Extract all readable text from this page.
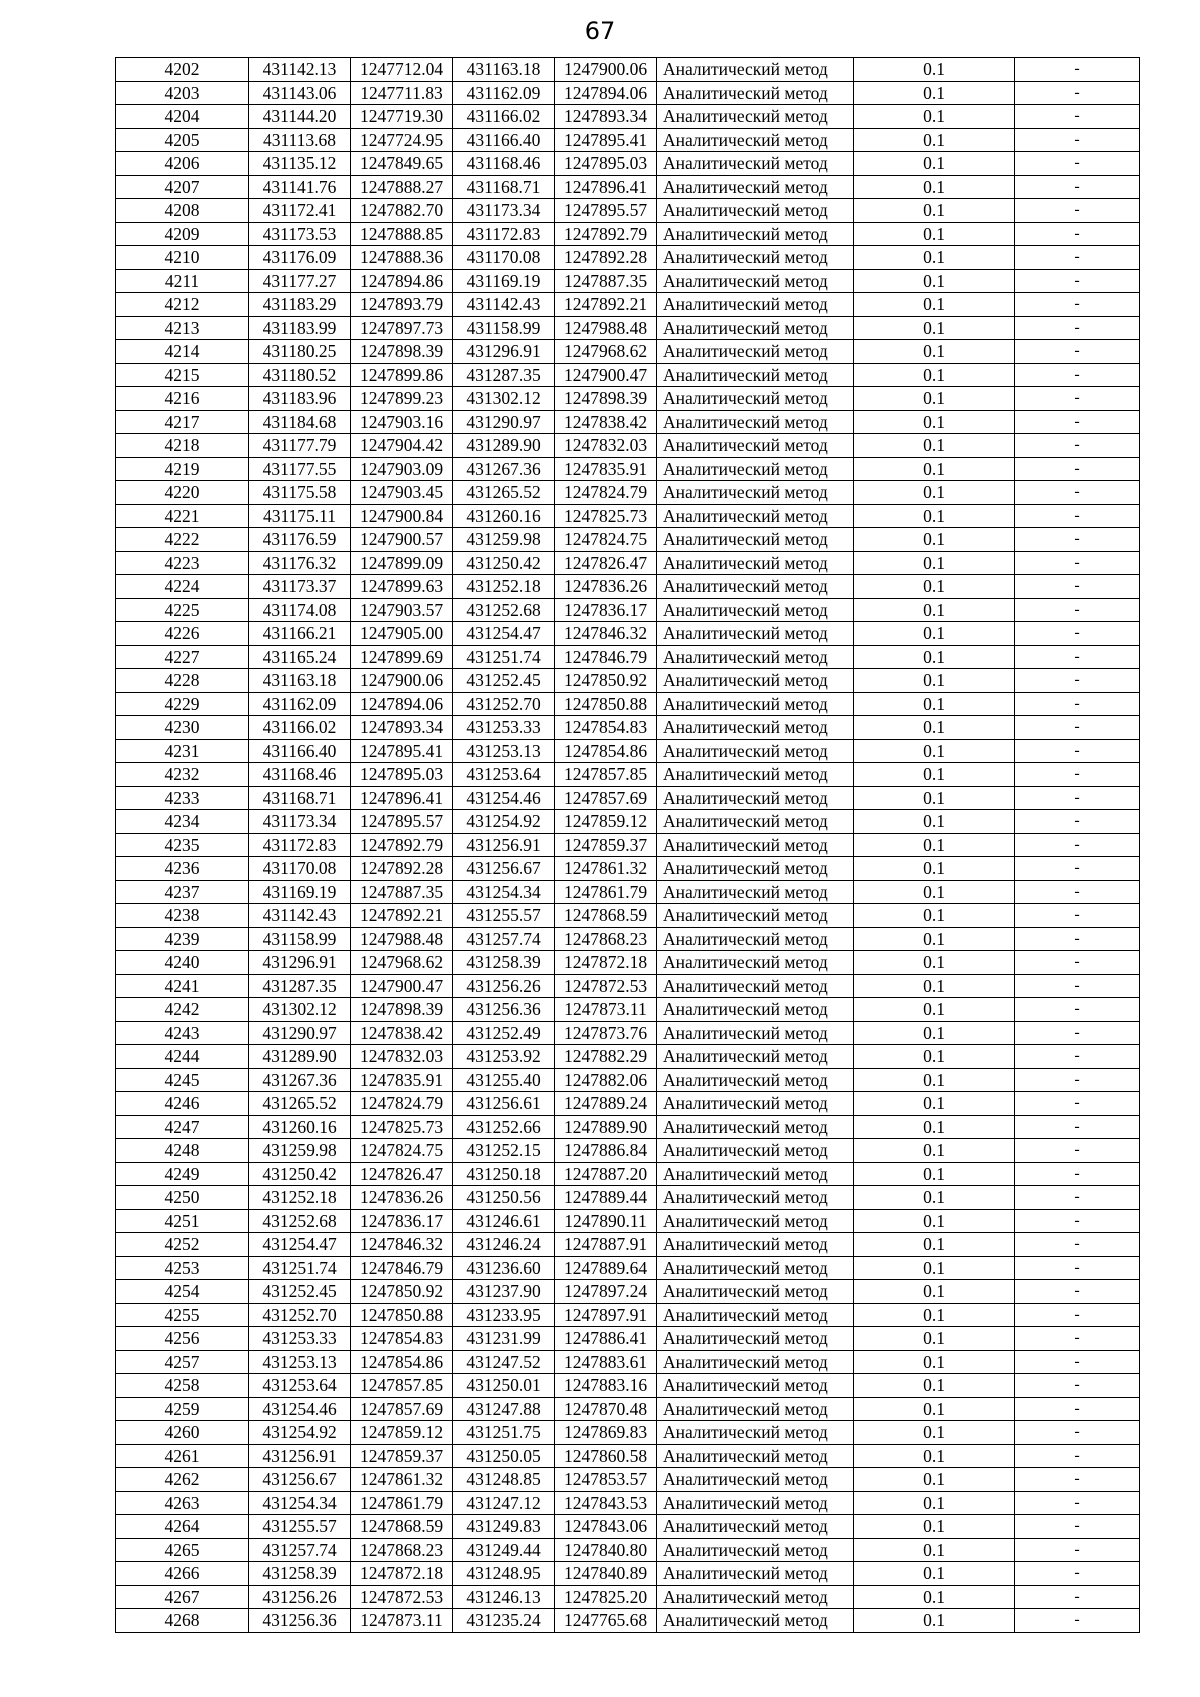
67
4202	431142.13	1247712.04	431163.18	1247900.06	Аналитический метод	0.1	-
4203	431143.06	1247711.83	431162.09	1247894.06	Аналитический метод	0.1	-
4204	431144.20	1247719.30	431166.02	1247893.34	Аналитический метод	0.1	-
4205	431113.68	1247724.95	431166.40	1247895.41	Аналитический метод	0.1	-
4206	431135.12	1247849.65	431168.46	1247895.03	Аналитический метод	0.1	-
4207	431141.76	1247888.27	431168.71	1247896.41	Аналитический метод	0.1	-
4208	431172.41	1247882.70	431173.34	1247895.57	Аналитический метод	0.1	-
4209	431173.53	1247888.85	431172.83	1247892.79	Аналитический метод	0.1	-
4210	431176.09	1247888.36	431170.08	1247892.28	Аналитический метод	0.1	-
4211	431177.27	1247894.86	431169.19	1247887.35	Аналитический метод	0.1	-
4212	431183.29	1247893.79	431142.43	1247892.21	Аналитический метод	0.1	-
4213	431183.99	1247897.73	431158.99	1247988.48	Аналитический метод	0.1	-
4214	431180.25	1247898.39	431296.91	1247968.62	Аналитический метод	0.1	-
4215	431180.52	1247899.86	431287.35	1247900.47	Аналитический метод	0.1	-
4216	431183.96	1247899.23	431302.12	1247898.39	Аналитический метод	0.1	-
4217	431184.68	1247903.16	431290.97	1247838.42	Аналитический метод	0.1	-
4218	431177.79	1247904.42	431289.90	1247832.03	Аналитический метод	0.1	-
4219	431177.55	1247903.09	431267.36	1247835.91	Аналитический метод	0.1	-
4220	431175.58	1247903.45	431265.52	1247824.79	Аналитический метод	0.1	-
4221	431175.11	1247900.84	431260.16	1247825.73	Аналитический метод	0.1	-
4222	431176.59	1247900.57	431259.98	1247824.75	Аналитический метод	0.1	-
4223	431176.32	1247899.09	431250.42	1247826.47	Аналитический метод	0.1	-
4224	431173.37	1247899.63	431252.18	1247836.26	Аналитический метод	0.1	-
4225	431174.08	1247903.57	431252.68	1247836.17	Аналитический метод	0.1	-
4226	431166.21	1247905.00	431254.47	1247846.32	Аналитический метод	0.1	-
4227	431165.24	1247899.69	431251.74	1247846.79	Аналитический метод	0.1	-
4228	431163.18	1247900.06	431252.45	1247850.92	Аналитический метод	0.1	-
4229	431162.09	1247894.06	431252.70	1247850.88	Аналитический метод	0.1	-
4230	431166.02	1247893.34	431253.33	1247854.83	Аналитический метод	0.1	-
4231	431166.40	1247895.41	431253.13	1247854.86	Аналитический метод	0.1	-
4232	431168.46	1247895.03	431253.64	1247857.85	Аналитический метод	0.1	-
4233	431168.71	1247896.41	431254.46	1247857.69	Аналитический метод	0.1	-
4234	431173.34	1247895.57	431254.92	1247859.12	Аналитический метод	0.1	-
4235	431172.83	1247892.79	431256.91	1247859.37	Аналитический метод	0.1	-
4236	431170.08	1247892.28	431256.67	1247861.32	Аналитический метод	0.1	-
4237	431169.19	1247887.35	431254.34	1247861.79	Аналитический метод	0.1	-
4238	431142.43	1247892.21	431255.57	1247868.59	Аналитический метод	0.1	-
4239	431158.99	1247988.48	431257.74	1247868.23	Аналитический метод	0.1	-
4240	431296.91	1247968.62	431258.39	1247872.18	Аналитический метод	0.1	-
4241	431287.35	1247900.47	431256.26	1247872.53	Аналитический метод	0.1	-
4242	431302.12	1247898.39	431256.36	1247873.11	Аналитический метод	0.1	-
4243	431290.97	1247838.42	431252.49	1247873.76	Аналитический метод	0.1	-
4244	431289.90	1247832.03	431253.92	1247882.29	Аналитический метод	0.1	-
4245	431267.36	1247835.91	431255.40	1247882.06	Аналитический метод	0.1	-
4246	431265.52	1247824.79	431256.61	1247889.24	Аналитический метод	0.1	-
4247	431260.16	1247825.73	431252.66	1247889.90	Аналитический метод	0.1	-
4248	431259.98	1247824.75	431252.15	1247886.84	Аналитический метод	0.1	-
4249	431250.42	1247826.47	431250.18	1247887.20	Аналитический метод	0.1	-
4250	431252.18	1247836.26	431250.56	1247889.44	Аналитический метод	0.1	-
4251	431252.68	1247836.17	431246.61	1247890.11	Аналитический метод	0.1	-
4252	431254.47	1247846.32	431246.24	1247887.91	Аналитический метод	0.1	-
4253	431251.74	1247846.79	431236.60	1247889.64	Аналитический метод	0.1	-
4254	431252.45	1247850.92	431237.90	1247897.24	Аналитический метод	0.1	-
4255	431252.70	1247850.88	431233.95	1247897.91	Аналитический метод	0.1	-
4256	431253.33	1247854.83	431231.99	1247886.41	Аналитический метод	0.1	-
4257	431253.13	1247854.86	431247.52	1247883.61	Аналитический метод	0.1	-
4258	431253.64	1247857.85	431250.01	1247883.16	Аналитический метод	0.1	-
4259	431254.46	1247857.69	431247.88	1247870.48	Аналитический метод	0.1	-
4260	431254.92	1247859.12	431251.75	1247869.83	Аналитический метод	0.1	-
4261	431256.91	1247859.37	431250.05	1247860.58	Аналитический метод	0.1	-
4262	431256.67	1247861.32	431248.85	1247853.57	Аналитический метод	0.1	-
4263	431254.34	1247861.79	431247.12	1247843.53	Аналитический метод	0.1	-
4264	431255.57	1247868.59	431249.83	1247843.06	Аналитический метод	0.1	-
4265	431257.74	1247868.23	431249.44	1247840.80	Аналитический метод	0.1	-
4266	431258.39	1247872.18	431248.95	1247840.89	Аналитический метод	0.1	-
4267	431256.26	1247872.53	431246.13	1247825.20	Аналитический метод	0.1	-
4268	431256.36	1247873.11	431235.24	1247765.68	Аналитический метод	0.1	-
